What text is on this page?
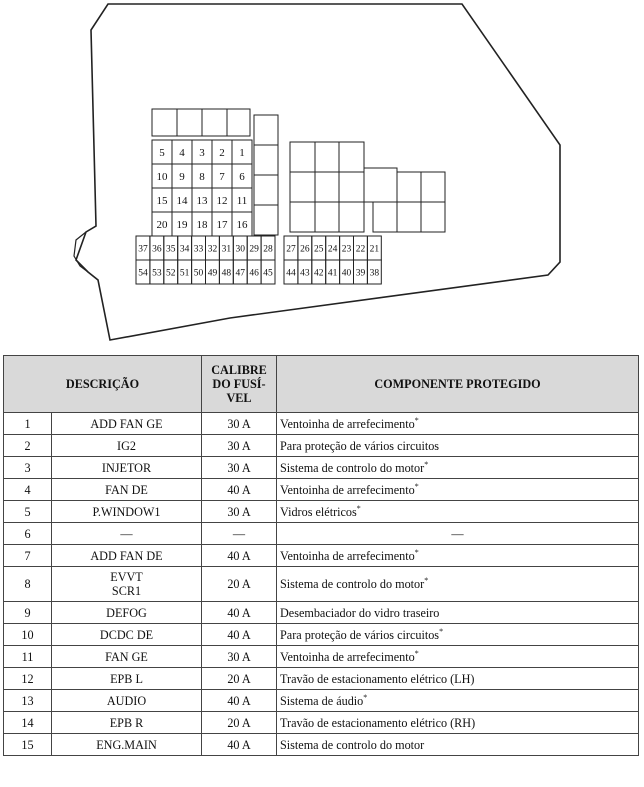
5 4 3 2 1
10 9 8 7 6
15 14 13 12 11
20 19 18 17 16
37 36 35 34 33 32 31 30 29 28
54 53 52 51 50 49 48 47 46 45
27 26 25 24 23 22 21
44 43 42 41 40 39 38
DESCRIÇÃO		CALIBRE
DO FUSÍ-
VEL	COMPONENTE PROTEGIDO
1	ADD FAN GE	30 A	Ventoinha de arrefecimento*
2	IG2	30 A	Para proteção de vários circuitos
3	INJETOR	30 A	Sistema de controlo do motor*
4	FAN DE	40 A	Ventoinha de arrefecimento*
5	P.WINDOW1	30 A	Vidros elétricos*
6	—	—	—
7	ADD FAN DE	40 A	Ventoinha de arrefecimento*
8	EVVT
SCR1	20 A	Sistema de controlo do motor*
9	DEFOG	40 A	Desembaciador do vidro traseiro
10	DCDC DE	40 A	Para proteção de vários circuitos*
11	FAN GE	30 A	Ventoinha de arrefecimento*
12	EPB L	20 A	Travão de estacionamento elétrico (LH)
13	AUDIO	40 A	Sistema de áudio*
14	EPB R	20 A	Travão de estacionamento elétrico (RH)
15	ENG.MAIN	40 A	Sistema de controlo do motor
